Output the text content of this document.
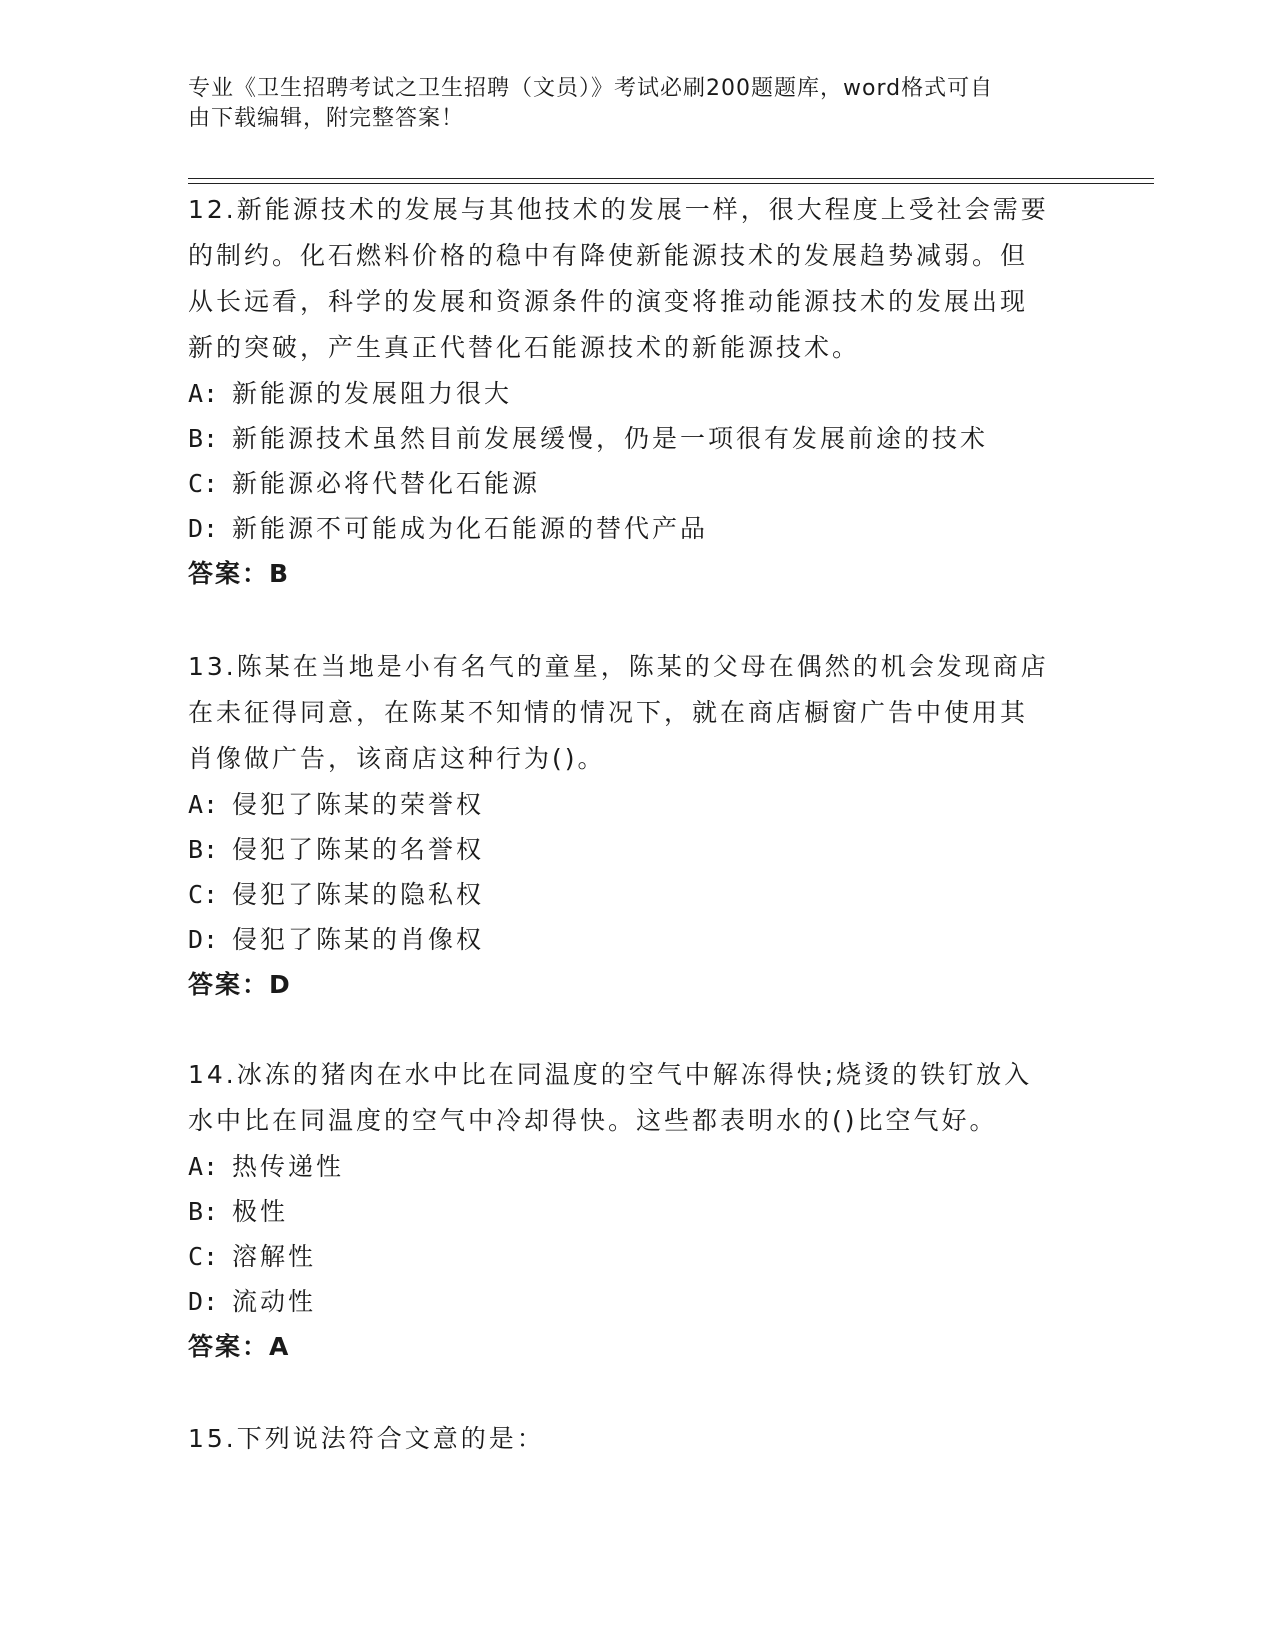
专业《卫生招聘考试之卫生招聘（文员）》考试必刷200题题库，word格式可自
由下载编辑，附完整答案！
12.新能源技术的发展与其他技术的发展一样，很大程度上受社会需要
的制约。化石燃料价格的稳中有降使新能源技术的发展趋势减弱。但
从长远看，科学的发展和资源条件的演变将推动能源技术的发展出现
新的突破，产生真正代替化石能源技术的新能源技术。
A: 新能源的发展阻力很大
B: 新能源技术虽然目前发展缓慢，仍是一项很有发展前途的技术
C: 新能源必将代替化石能源
D: 新能源不可能成为化石能源的替代产品
答案：B
13.陈某在当地是小有名气的童星，陈某的父母在偶然的机会发现商店
在未征得同意，在陈某不知情的情况下，就在商店橱窗广告中使用其
肖像做广告，该商店这种行为()。
A: 侵犯了陈某的荣誉权
B: 侵犯了陈某的名誉权
C: 侵犯了陈某的隐私权
D: 侵犯了陈某的肖像权
答案：D
14.冰冻的猪肉在水中比在同温度的空气中解冻得快;烧烫的铁钉放入
水中比在同温度的空气中冷却得快。这些都表明水的()比空气好。
A: 热传递性
B: 极性
C: 溶解性
D: 流动性
答案：A
15.下列说法符合文意的是：
